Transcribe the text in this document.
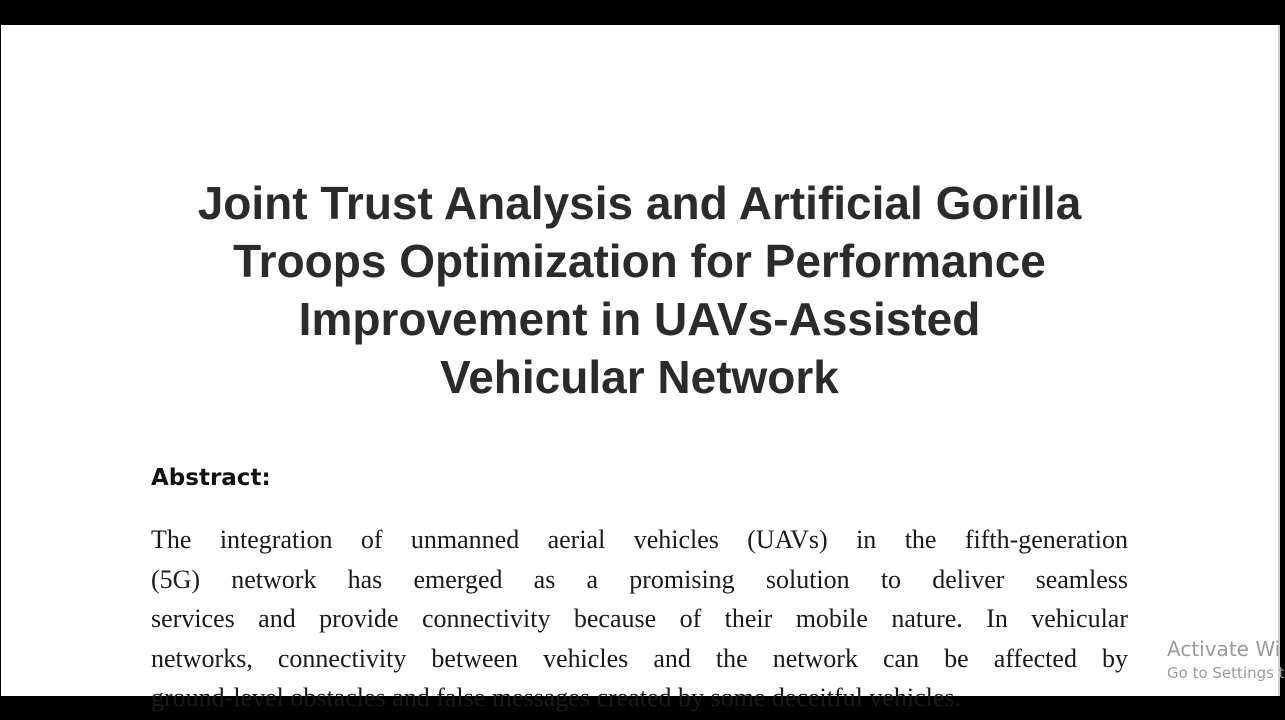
Joint Trust Analysis and Artificial Gorilla
Troops Optimization for Performance
Improvement in UAVs-Assisted
Vehicular Network
Abstract:

The integration of unmanned aerial vehicles (UAVs) in the fifth-generation
(5G) network has emerged as a promising solution to deliver seamless
services and provide connectivity because of their mobile nature. In vehicular
networks, connectivity between vehicles and the network can be affected by
ground-level obstacles and false messages created by some deceitful vehicles.

Activate Wi
Go to Settings t
